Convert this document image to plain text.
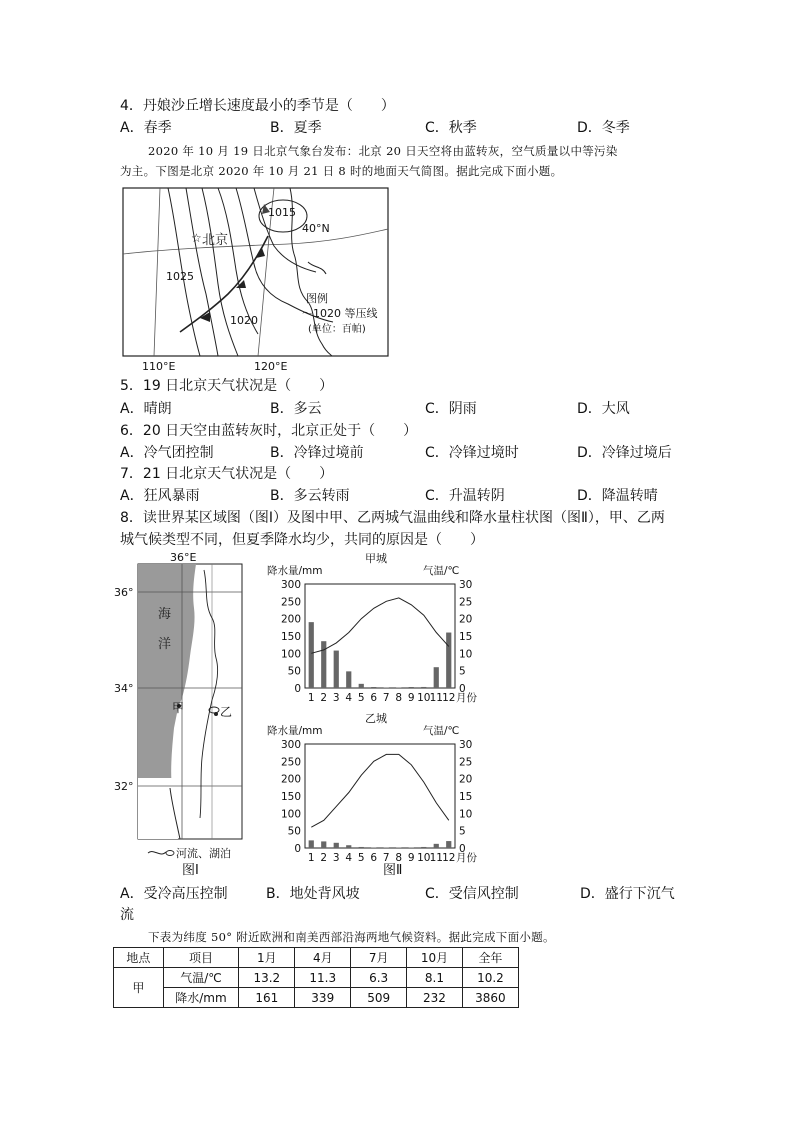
4．丹娘沙丘增长速度最小的季节是（　　）
A．春季	B．夏季	C．秋季	D．冬季
2020 年 10 月 19 日北京气象台发布：北京 20 日天空将由蓝转灰，空气质量以中等污染
为主。下图是北京 2020 年 10 月 21 日 8 时的地面天气简图。据此完成下面小题。
☆ 北京
1015
1025
1020
40°N
110°E	120°E
图例
～1020 等压线
(单位：百帕)
5．19 日北京天气状况是（　　）
A．晴朗	B．多云	C．阴雨	D．大风
6．20 日天空由蓝转灰时，北京正处于（　　）
A．冷气团控制	B．冷锋过境前	C．冷锋过境时	D．冷锋过境后
7．21 日北京天气状况是（　　）
A．狂风暴雨	B．多云转雨	C．升温转阴	D．降温转晴
8．读世界某区域图（图Ⅰ）及图中甲、乙两城气温曲线和降水量柱状图（图Ⅱ），甲、乙两
城气候类型不同，但夏季降水均少，共同的原因是（　　）
36°E
海
洋
甲	乙
36°
34°
32°
河流、湖泊
图Ⅰ
甲城
降水量/mm	气温/℃
300
250
200
150
100
50
0
30
25
20
15
10
5
0
1 2 3 4 5 6 7 8 9 10 11 12 月份
乙城
降水量/mm	气温/℃
300
250
200
150
100
50
0
30
25
20
15
10
5
0
1 2 3 4 5 6 7 8 9 10 11 12 月份
图Ⅱ
A．受冷高压控制	B．地处背风坡	C．受信风控制	D．盛行下沉气
流
下表为纬度 50° 附近欧洲和南美西部沿海两地气候资料。据此完成下面小题。
地点	项目	1月	4月	7月	10月	全年
甲	气温/℃	13.2	11.3	6.3	8.1	10.2
	降水/mm	161	339	509	232	3860
